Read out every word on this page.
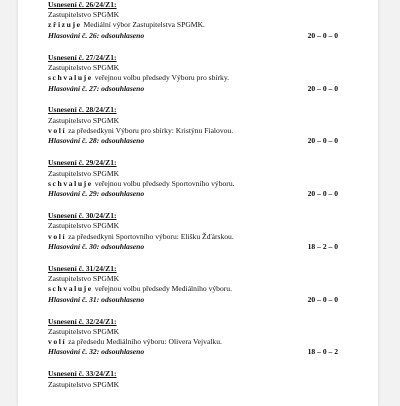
Usnesení č. 26/24/Z1:
Zastupitelstvo SPGMK
zřizuje Mediální výbor Zastupitelstva SPGMK.
Hlasování č. 26: odsouhlaseno	20 – 0 – 0
Usnesení č. 27/24/Z1:
Zastupitelstvo SPGMK
schvaluje veřejnou volbu předsedy Výboru pro sbírky.
Hlasování č. 27: odsouhlaseno	20 – 0 – 0
Usnesení č. 28/24/Z1:
Zastupitelstvo SPGMK
volí za předsedkyni Výboru pro sbírky: Kristýnu Fialovou.
Hlasování č. 28: odsouhlaseno	20 – 0 – 0
Usnesení č. 29/24/Z1:
Zastupitelstvo SPGMK
schvaluje veřejnou volbu předsedy Sportovního výboru.
Hlasování č. 29: odsouhlaseno	20 – 0 – 0
Usnesení č. 30/24/Z1:
Zastupitelstvo SPGMK
volí za předsedkyni Sportovního výboru: Elišku Žďárskou.
Hlasování č. 30: odsouhlaseno	18 – 2 – 0
Usnesení č. 31/24/Z1:
Zastupitelstvo SPGMK
schvaluje veřejnou volbu předsedy Mediálního výboru.
Hlasování č. 31: odsouhlaseno	20 – 0 – 0
Usnesení č. 32/24/Z1:
Zastupitelstvo SPGMK
volí za předsedu Mediálního výboru: Olivera Vejvalku.
Hlasování č. 32: odsouhlaseno	18 – 0 – 2
Usnesení č. 33/24/Z1:
Zastupitelstvo SPGMK
